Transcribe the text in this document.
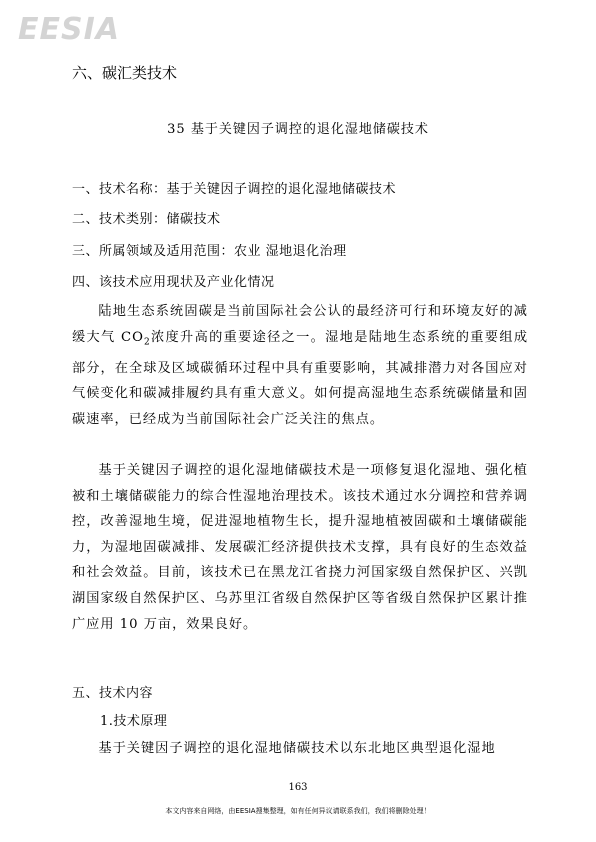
EESIA
六、碳汇类技术
35 基于关键因子调控的退化湿地储碳技术
一、技术名称：基于关键因子调控的退化湿地储碳技术
二、技术类别：储碳技术
三、所属领域及适用范围：农业 湿地退化治理
四、该技术应用现状及产业化情况
陆地生态系统固碳是当前国际社会公认的最经济可行和环境友好的减缓大气 $CO_2$浓度升高的重要途径之一。湿地是陆地生态系统的重要组成部分，在全球及区域碳循环过程中具有重要影响，其减排潜力对各国应对气候变化和碳减排履约具有重大意义。如何提高湿地生态系统碳储量和固碳速率，已经成为当前国际社会广泛关注的焦点。
基于关键因子调控的退化湿地储碳技术是一项修复退化湿地、强化植被和土壤储碳能力的综合性湿地治理技术。该技术通过水分调控和营养调控，改善湿地生境，促进湿地植物生长，提升湿地植被固碳和土壤储碳能力，为湿地固碳减排、发展碳汇经济提供技术支撑，具有良好的生态效益和社会效益。目前，该技术已在黑龙江省挠力河国家级自然保护区、兴凯湖国家级自然保护区、乌苏里江省级自然保护区等省级自然保护区累计推广应用 10 万亩，效果良好。
五、技术内容
1.技术原理
基于关键因子调控的退化湿地储碳技术以东北地区典型退化湿地
163
本文内容来自网络，由EESIA搜集整理，如有任何异议请联系我们，我们将删除处理！
